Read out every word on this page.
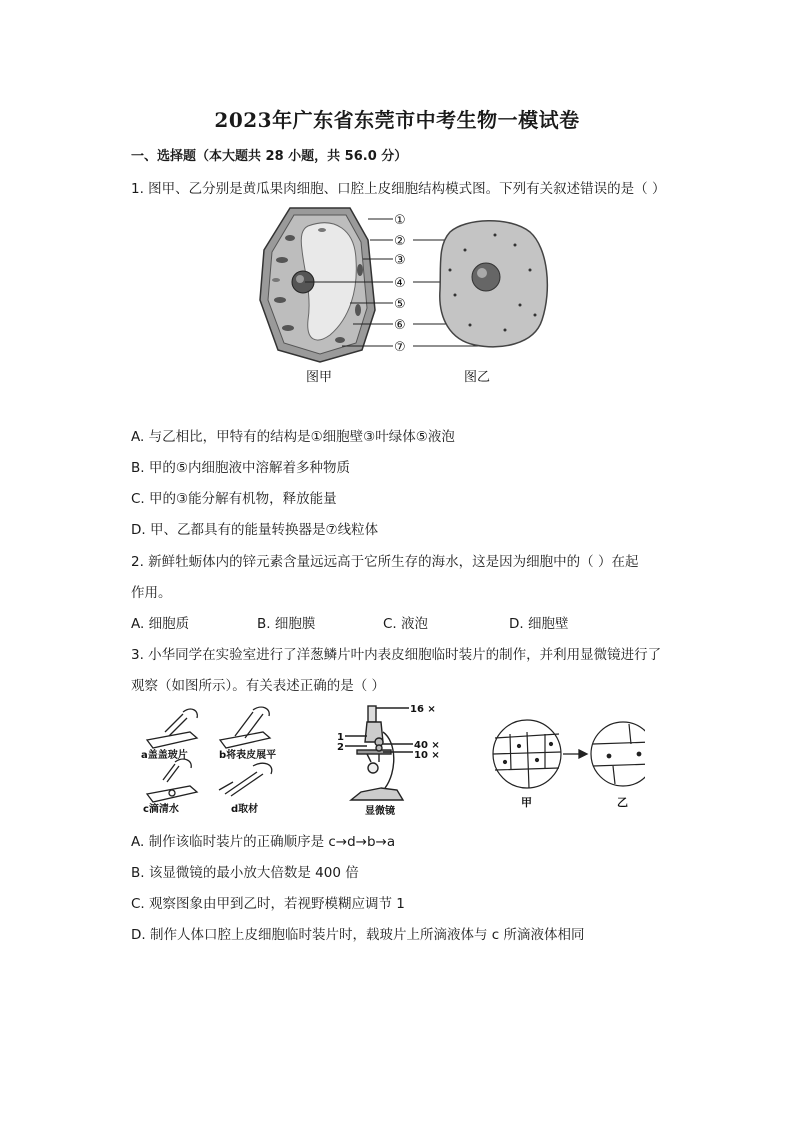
2023年广东省东莞市中考生物一模试卷
一、选择题（本大题共 28 小题，共 56.0 分）
1. 图甲、乙分别是黄瓜果肉细胞、口腔上皮细胞结构模式图。下列有关叙述错误的是（ ）
①
②
③
④
⑤
⑥
⑦
图甲	图乙
A. 与乙相比，甲特有的结构是①细胞壁③叶绿体⑤液泡
B. 甲的⑤内细胞液中溶解着多种物质
C. 甲的③能分解有机物，释放能量
D. 甲、乙都具有的能量转换器是⑦线粒体
2. 新鲜牡蛎体内的锌元素含量远远高于它所生存的海水，这是因为细胞中的（ ）在起
作用。
A. 细胞质	B. 细胞膜	C. 液泡	D. 细胞壁
3. 小华同学在实验室进行了洋葱鳞片叶内表皮细胞临时装片的制作，并利用显微镜进行了
观察（如图所示）。有关表述正确的是（ ）
a盖盖玻片	b将表皮展平
c滴清水	d取材
16 ×
40 ×
10 ×
1
2
显微镜
甲	乙
A. 制作该临时装片的正确顺序是 c→d→b→a
B. 该显微镜的最小放大倍数是 400 倍
C. 观察图象由甲到乙时，若视野模糊应调节 1
D. 制作人体口腔上皮细胞临时装片时，载玻片上所滴液体与 c 所滴液体相同
